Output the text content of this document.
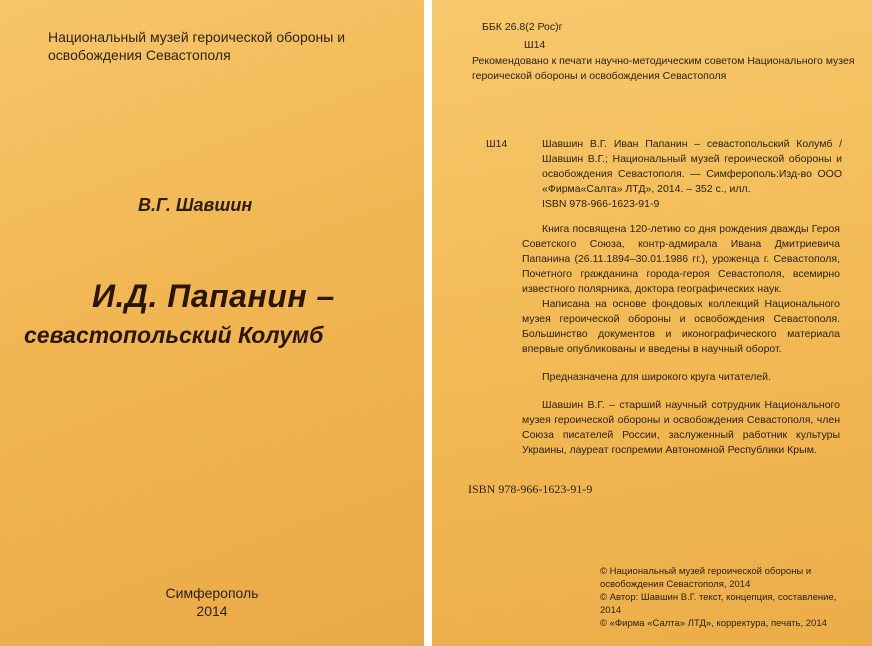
Национальный музей героической обороны и освобождения Севастополя
В.Г. Шавшин
И.Д. Папанин –
севастопольский Колумб
Симферополь
2014
ББК 26.8(2 Рос)г
Ш14
Рекомендовано к печати научно-методическим советом Национального музея героической обороны и освобождения Севастополя
Ш14	Шавшин В.Г. Иван Папанин – севастопольский Колумб / Шавшин В.Г.; Национальный музей героической обороны и освобождения Севастополя. — Симферополь:Изд-во ООО «Фирма«Салта» ЛТД», 2014. – 352 с., илл.
ISBN 978-966-1623-91-9
Книга посвящена 120-летию со дня рождения дважды Героя Советского Союза, контр-адмирала Ивана Дмитриевича Папанина (26.11.1894–30.01.1986 гг.), уроженца г. Севастополя, Почетного гражданина города-героя Севастополя, всемирно известного полярника, доктора географических наук.
Написана на основе фондовых коллекций Национального музея героической обороны и освобождения Севастополя. Большинство документов и иконографического материала впервые опубликованы и введены в научный оборот.
Предназначена для широкого круга читателей.
Шавшин В.Г. – старший научный сотрудник Национального музея героической обороны и освобождения Севастополя, член Союза писателей России, заслуженный работник культуры Украины, лауреат госпремии Автономной Республики Крым.
ISBN 978-966-1623-91-9
© Национальный музей героической обороны и освобождения Севастополя, 2014
© Автор: Шавшин В.Г. текст, концепция, составление, 2014
© «Фирма «Салта» ЛТД», корректура, печать, 2014
